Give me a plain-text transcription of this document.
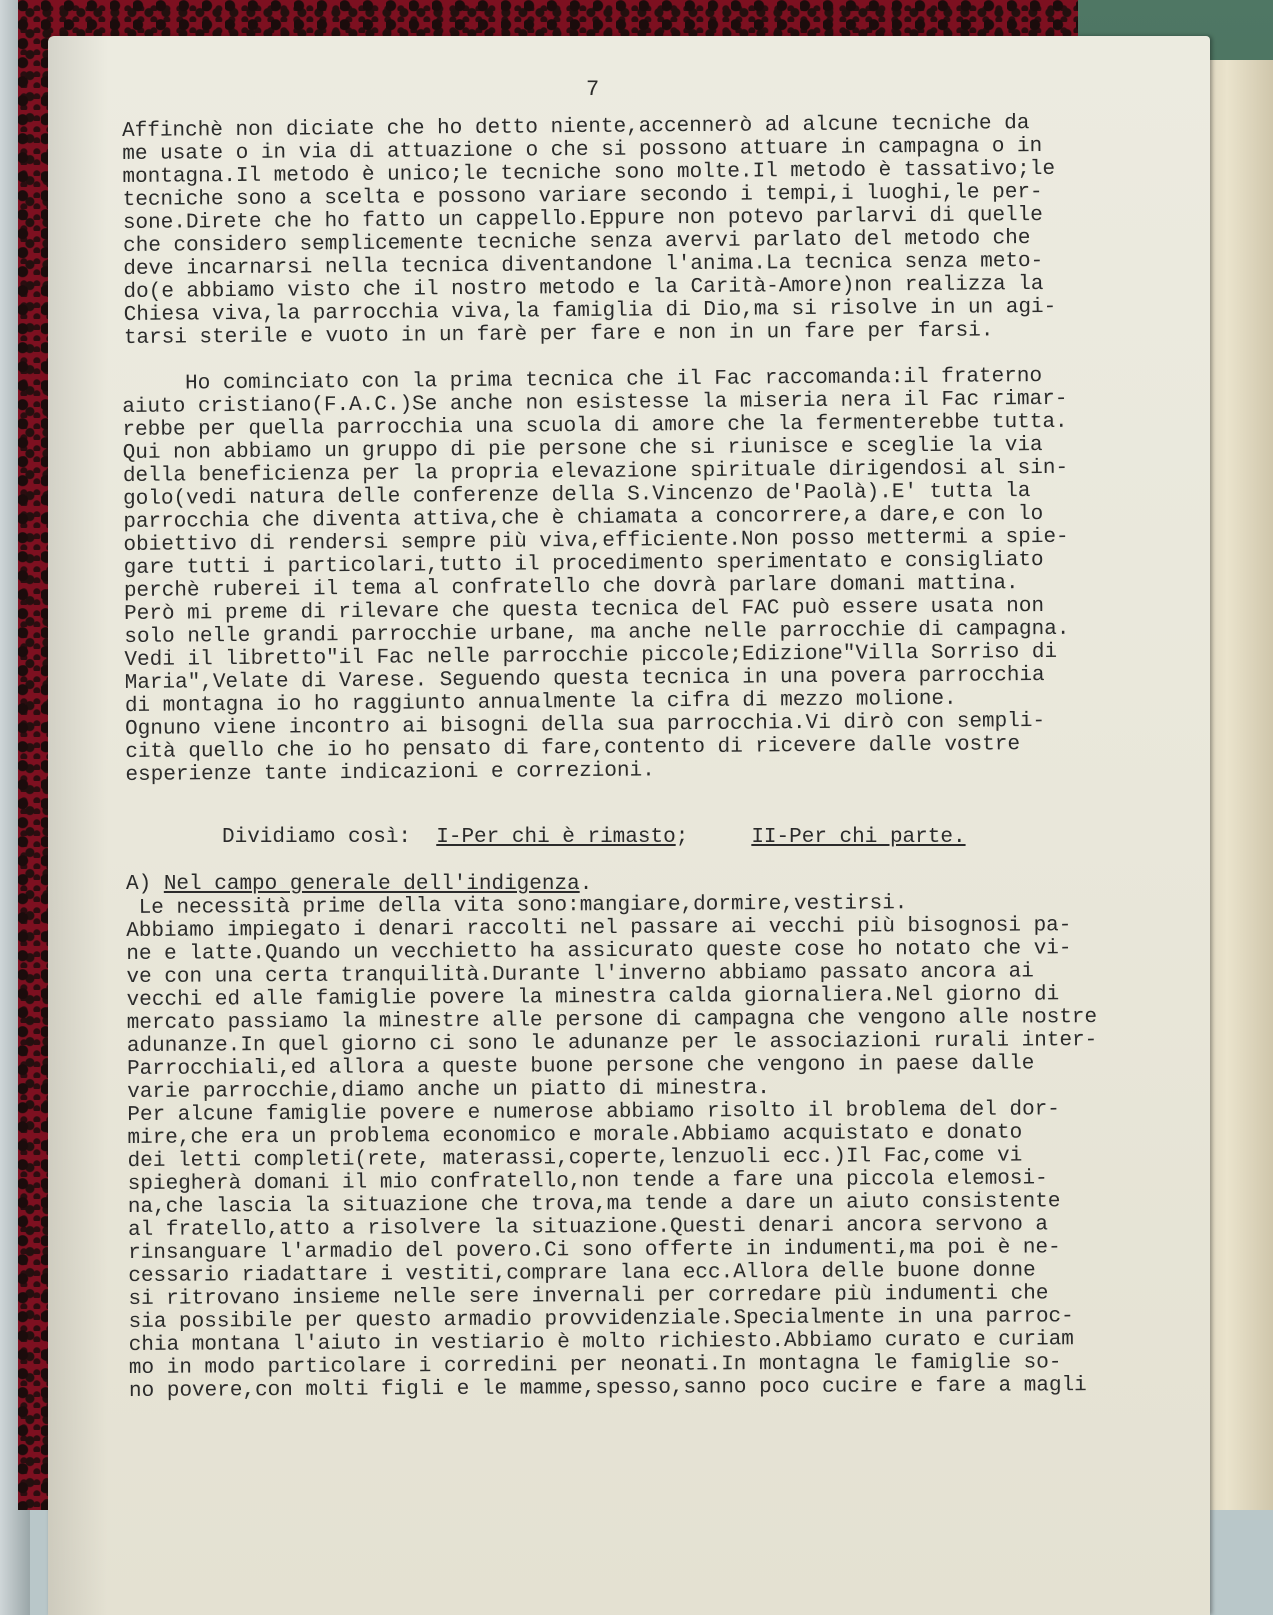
7
Affinchè non diciate che ho detto niente,accennerò ad alcune tecniche da
me usate o in via di attuazione o che si possono attuare in campagna o in
montagna.Il metodo è unico;le tecniche sono molte.Il metodo è tassativo;le
tecniche sono a scelta e possono variare secondo i tempi,i luoghi,le per-
sone.Direte che ho fatto un cappello.Eppure non potevo parlarvi di quelle
che considero semplicemente tecniche senza avervi parlato del metodo che
deve incarnarsi nella tecnica diventandone l'anima.La tecnica senza meto-
do(e abbiamo visto che il nostro metodo e la Carità-Amore)non realizza la
Chiesa viva,la parrocchia viva,la famiglia di Dio,ma si risolve in un agi-
tarsi sterile e vuoto in un farè per fare e non in un fare per farsi.
Ho cominciato con la prima tecnica che il Fac raccomanda:il fraterno
aiuto cristiano(F.A.C.)Se anche non esistesse la miseria nera il Fac rimar-
rebbe per quella parrocchia una scuola di amore che la fermenterebbe tutta.
Qui non abbiamo un gruppo di pie persone che si riunisce e sceglie la via
della beneficienza per la propria elevazione spirituale dirigendosi al sin-
golo(vedi natura delle conferenze della S.Vincenzo de'Paolà).E' tutta la
parrocchia che diventa attiva,che è chiamata a concorrere,a dare,e con lo
obiettivo di rendersi sempre più viva,efficiente.Non posso mettermi a spie-
gare tutti i particolari,tutto il procedimento sperimentato e consigliato
perchè ruberei il tema al confratello che dovrà parlare domani mattina.
Però mi preme di rilevare che questa tecnica del FAC può essere usata non
solo nelle grandi parrocchie urbane, ma anche nelle parrocchie di campagna.
Vedi il libretto"il Fac nelle parrocchie piccole;Edizione"Villa Sorriso di
Maria",Velate di Varese. Seguendo questa tecnica in una povera parrocchia
di montagna io ho raggiunto annualmente la cifra di mezzo molione.
Ognuno viene incontro ai bisogni della sua parrocchia.Vi dirò con sempli-
cità quello che io ho pensato di fare,contento di ricevere dalle vostre
esperienze tante indicazioni e correzioni.
Dividiamo così: I-Per chi è rimasto;	II-Per chi parte.
A) Nel campo generale dell'indigenza.
Le necessità prime della vita sono:mangiare,dormire,vestirsi.
Abbiamo impiegato i denari raccolti nel passare ai vecchi più bisognosi pa-
ne e latte.Quando un vecchietto ha assicurato queste cose ho notato che vi-
ve con una certa tranquilità.Durante l'inverno abbiamo passato ancora ai
vecchi ed alle famiglie povere la minestra calda giornaliera.Nel giorno di
mercato passiamo la minestre alle persone di campagna che vengono alle nostre
adunanze.In quel giorno ci sono le adunanze per le associazioni rurali inter-
Parrocchiali,ed allora a queste buone persone che vengono in paese dalle
varie parrocchie,diamo anche un piatto di minestra.
Per alcune famiglie povere e numerose abbiamo risolto il broblema del dor-
mire,che era un problema economico e morale.Abbiamo acquistato e donato
dei letti completi(rete, materassi,coperte,lenzuoli ecc.)Il Fac,come vi
spiegherà domani il mio confratello,non tende a fare una piccola elemosi-
na,che lascia la situazione che trova,ma tende a dare un aiuto consistente
al fratello,atto a risolvere la situazione.Questi denari ancora servono a
rinsanguare l'armadio del povero.Ci sono offerte in indumenti,ma poi è ne-
cessario riadattare i vestiti,comprare lana ecc.Allora delle buone donne
si ritrovano insieme nelle sere invernali per corredare più indumenti che
sia possibile per questo armadio provvidenziale.Specialmente in una parroc-
chia montana l'aiuto in vestiario è molto richiesto.Abbiamo curato e curiam
mo in modo particolare i corredini per neonati.In montagna le famiglie so-
no povere,con molti figli e le mamme,spesso,sanno poco cucire e fare a magli
